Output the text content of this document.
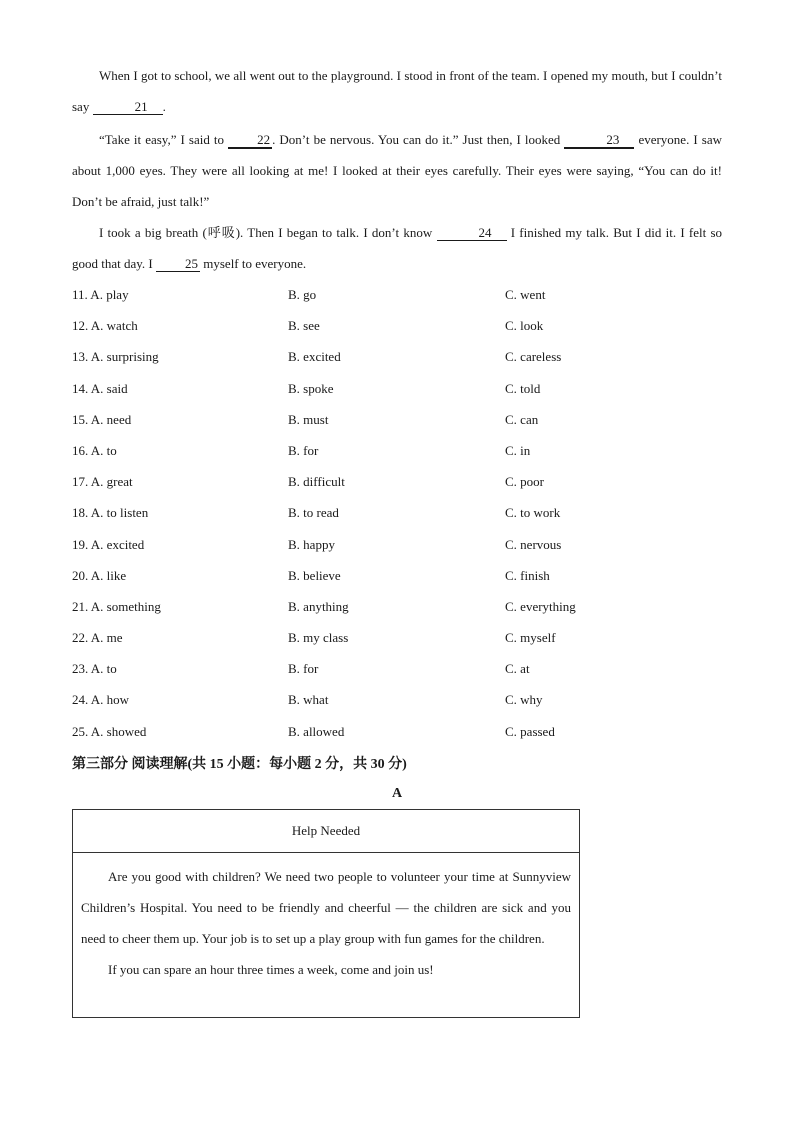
When I got to school, we all went out to the playground. I stood in front of the team. I opened my mouth, but I couldn’t say	21 .

“Take it easy,” I said to 22 . Don’t be nervous. You can do it.” Just then, I looked	23 everyone. I saw about 1,000 eyes. They were all looking at me! I looked at their eyes carefully. Their eyes were saying, “You can do it! Don’t be afraid, just talk!”

I took a big breath (呼吸). Then I began to talk. I don’t know	24 I finished my talk. But I did it. I felt so good that day. I 25 myself to everyone.

11. A. play	B. go	C. went
12. A. watch	B. see	C. look
13. A. surprising	B. excited	C. careless
14. A. said	B. spoke	C. told
15. A. need	B. must	C. can
16. A. to	B. for	C. in
17. A. great	B. difficult	C. poor
18. A. to listen	B. to read	C. to work
19. A. excited	B. happy	C. nervous
20. A. like	B. believe	C. finish
21. A. something	B. anything	C. everything
22. A. me	B. my class	C. myself
23. A. to	B. for	C. at
24. A. how	B. what	C. why
25. A. showed	B. allowed	C. passed
第三部分 阅读理解(共 15 小题：每小题 2 分，共 30 分)
A
Help Needed

Are you good with children? We need two people to volunteer your time at Sunnyview Children’s Hospital. You need to be friendly and cheerful — the children are sick and you need to cheer them up. Your job is to set up a play group with fun games for the children.

If you can spare an hour three times a week, come and join us!
